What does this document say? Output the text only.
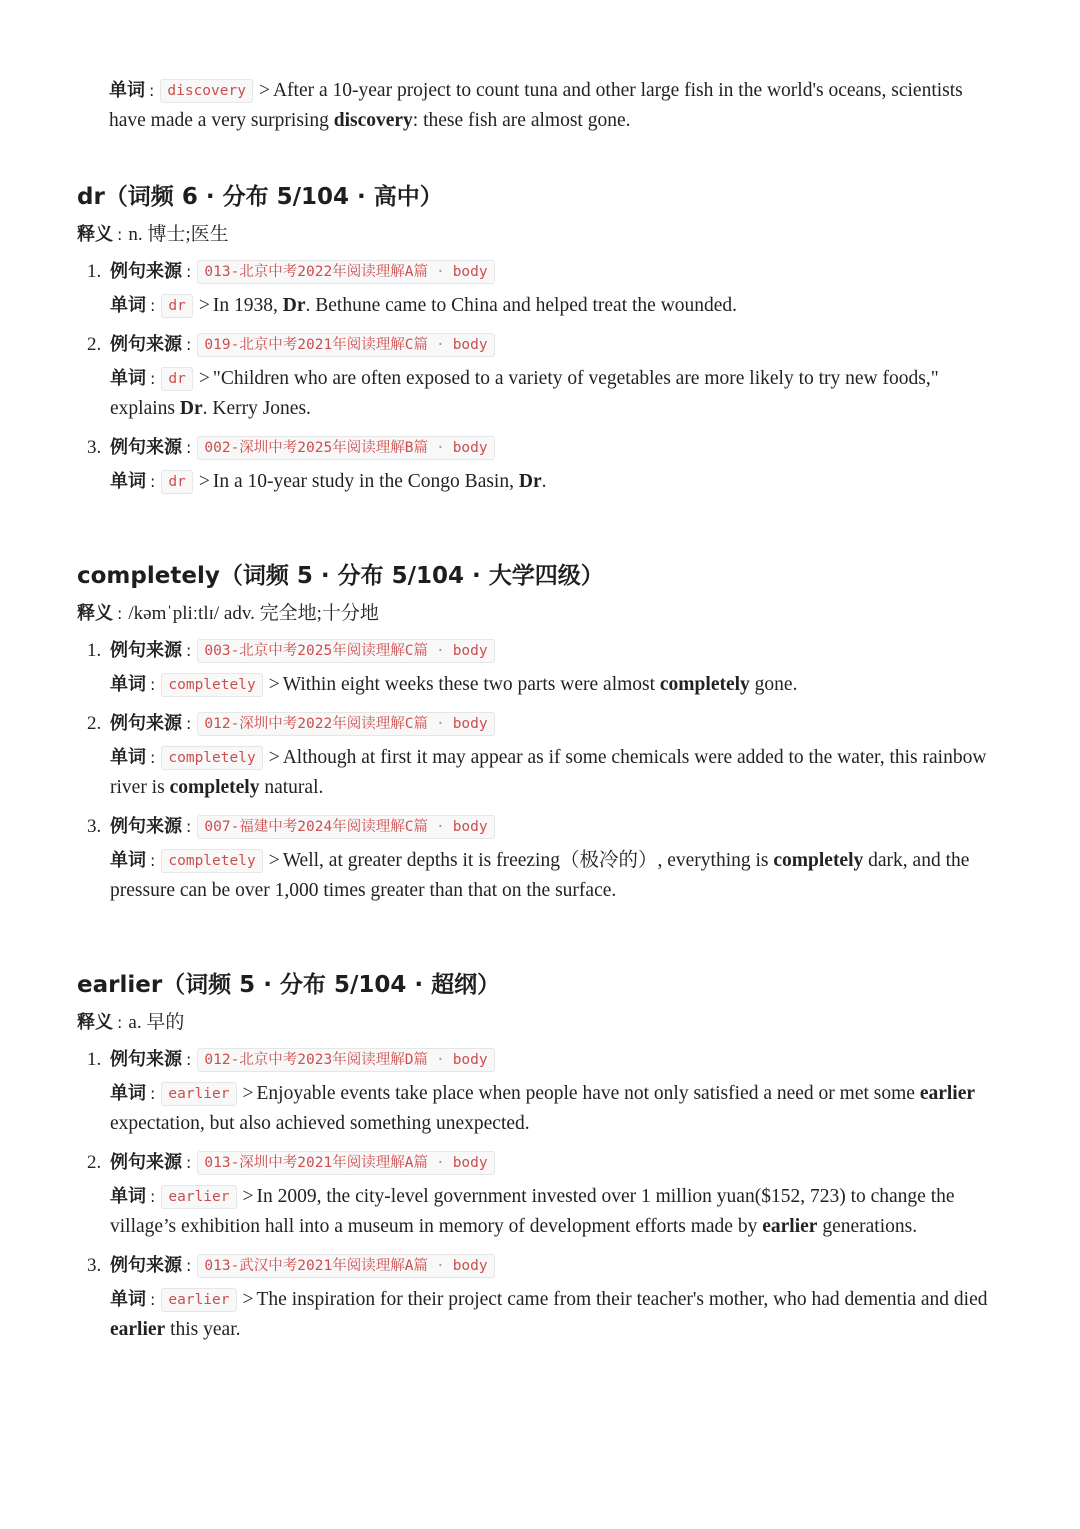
单词 : discovery > After a 10-year project to count tuna and other large fish in the world's oceans, scientists have made a very surprising discovery: these fish are almost gone.
dr（词频 6 · 分布 5/104 · 高中）

释义 : n. 博士;医生

1. 例句来源 : 013-北京中考2022年阅读理解A篇 · body
单词 : dr > In 1938, Dr. Bethune came to China and helped treat the wounded.
2. 例句来源 : 019-北京中考2021年阅读理解C篇 · body
单词 : dr > "Children who are often exposed to a variety of vegetables are more likely to try new foods," explains Dr. Kerry Jones.
3. 例句来源 : 002-深圳中考2025年阅读理解B篇 · body
单词 : dr > In a 10-year study in the Congo Basin, Dr.
completely（词频 5 · 分布 5/104 · 大学四级）

释义 : /kəmˈpliːtlɪ/ adv. 完全地;十分地

1. 例句来源 : 003-北京中考2025年阅读理解C篇 · body
单词 : completely > Within eight weeks these two parts were almost completely gone.
2. 例句来源 : 012-深圳中考2022年阅读理解C篇 · body
单词 : completely > Although at first it may appear as if some chemicals were added to the water, this rainbow river is completely natural.
3. 例句来源 : 007-福建中考2024年阅读理解C篇 · body
单词 : completely > Well, at greater depths it is freezing（极冷的）, everything is completely dark, and the pressure can be over 1,000 times greater than that on the surface.
earlier（词频 5 · 分布 5/104 · 超纲）

释义 : a. 早的

1. 例句来源 : 012-北京中考2023年阅读理解D篇 · body
单词 : earlier > Enjoyable events take place when people have not only satisfied a need or met some earlier expectation, but also achieved something unexpected.
2. 例句来源 : 013-深圳中考2021年阅读理解A篇 · body
单词 : earlier > In 2009, the city-level government invested over 1 million yuan($152, 723) to change the village’s exhibition hall into a museum in memory of development efforts made by earlier generations.
3. 例句来源 : 013-武汉中考2021年阅读理解A篇 · body
单词 : earlier > The inspiration for their project came from their teacher's mother, who had dementia and died earlier this year.
